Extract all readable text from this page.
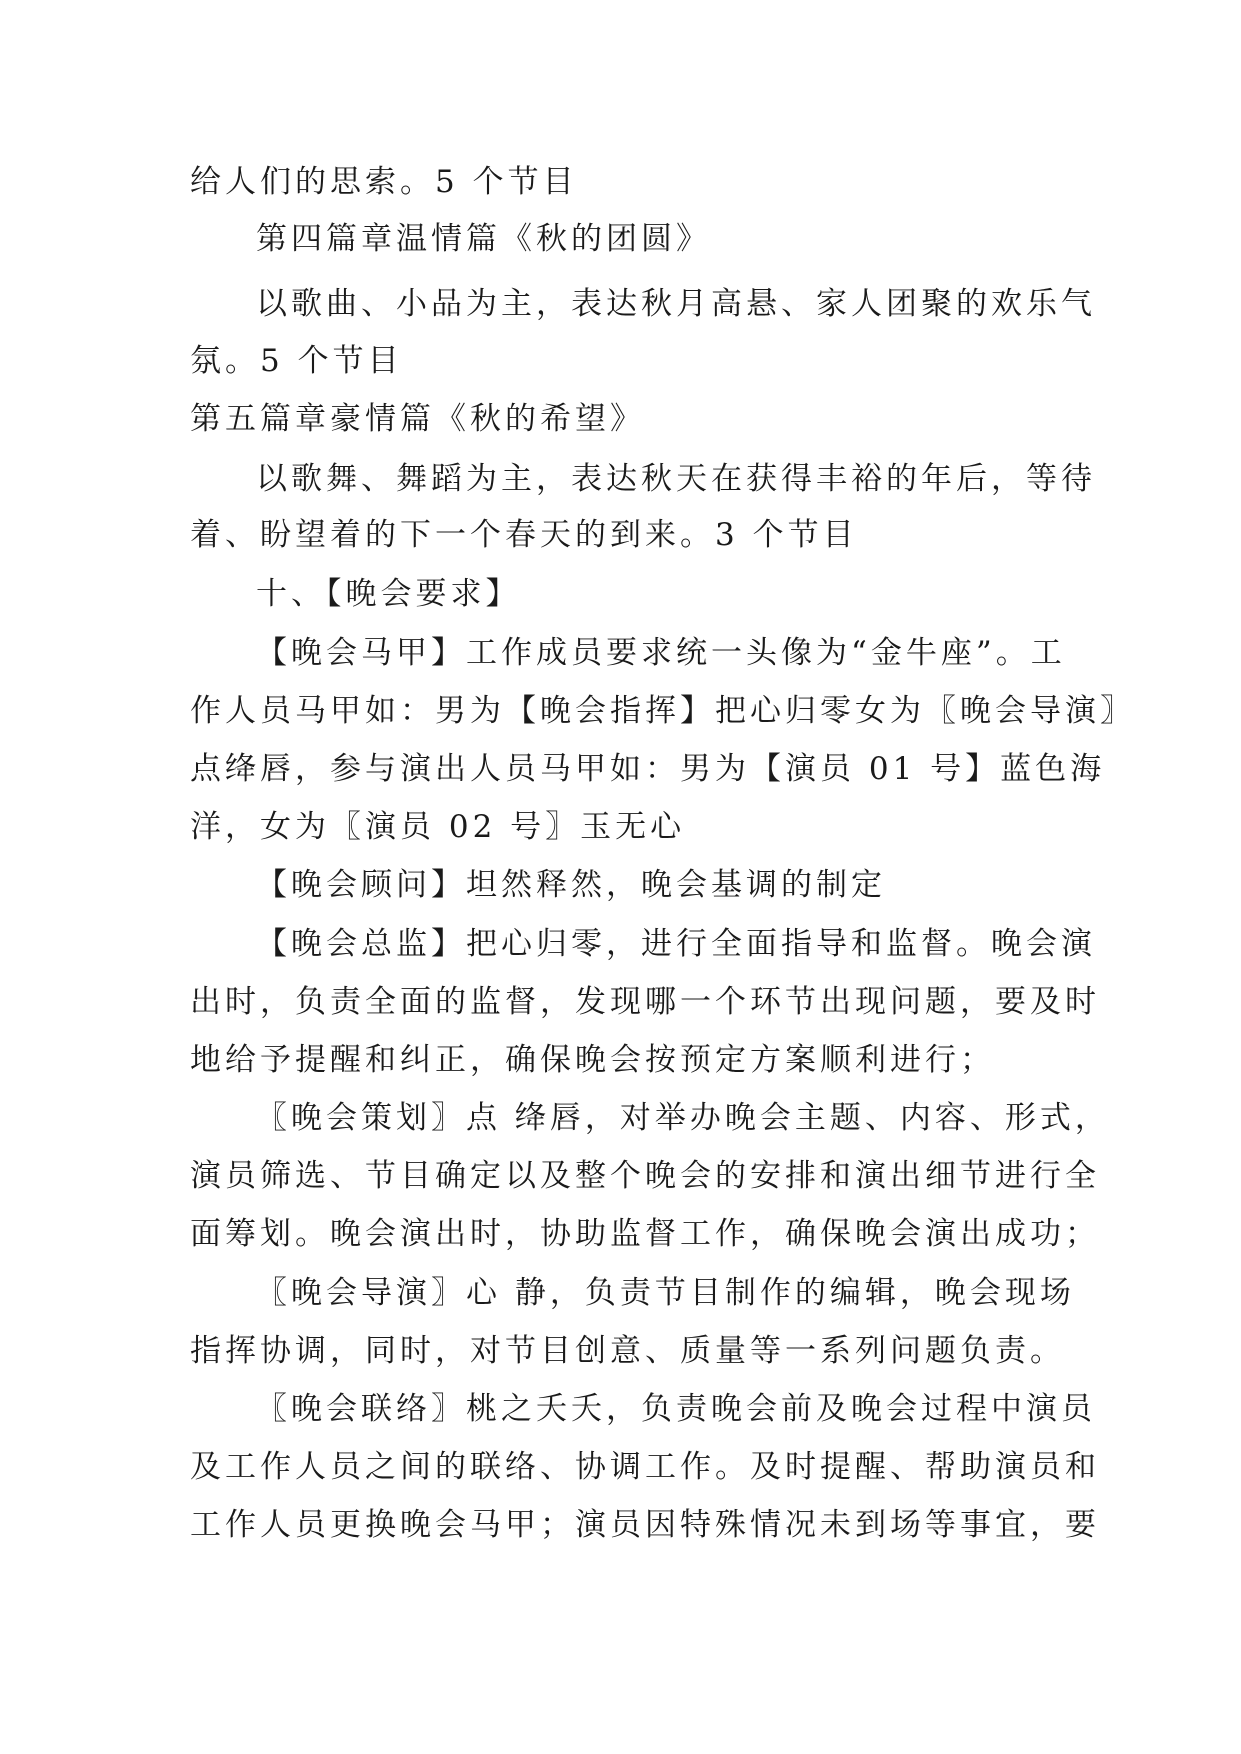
给人们的思索。5 个节目
第四篇章温情篇《秋的团圆》
以歌曲、小品为主，表达秋月高悬、家人团聚的欢乐气
氛。5 个节目
第五篇章豪情篇《秋的希望》
以歌舞、舞蹈为主，表达秋天在获得丰裕的年后，等待
着、盼望着的下一个春天的到来。3 个节目
十、【晚会要求】
【晚会马甲】工作成员要求统一头像为“金牛座”。工
作人员马甲如：男为【晚会指挥】把心归零女为〖晚会导演〗
点绛唇，参与演出人员马甲如：男为【演员 01 号】蓝色海
洋，女为〖演员 02 号〗玉无心
【晚会顾问】坦然释然，晚会基调的制定
【晚会总监】把心归零，进行全面指导和监督。晚会演
出时，负责全面的监督，发现哪一个环节出现问题，要及时
地给予提醒和纠正，确保晚会按预定方案顺利进行；
〖晚会策划〗点 绛唇，对举办晚会主题、内容、形式，
演员筛选、节目确定以及整个晚会的安排和演出细节进行全
面筹划。晚会演出时，协助监督工作，确保晚会演出成功；
〖晚会导演〗心 静，负责节目制作的编辑，晚会现场
指挥协调，同时，对节目创意、质量等一系列问题负责。
〖晚会联络〗桃之夭夭，负责晚会前及晚会过程中演员
及工作人员之间的联络、协调工作。及时提醒、帮助演员和
工作人员更换晚会马甲；演员因特殊情况未到场等事宜，要
